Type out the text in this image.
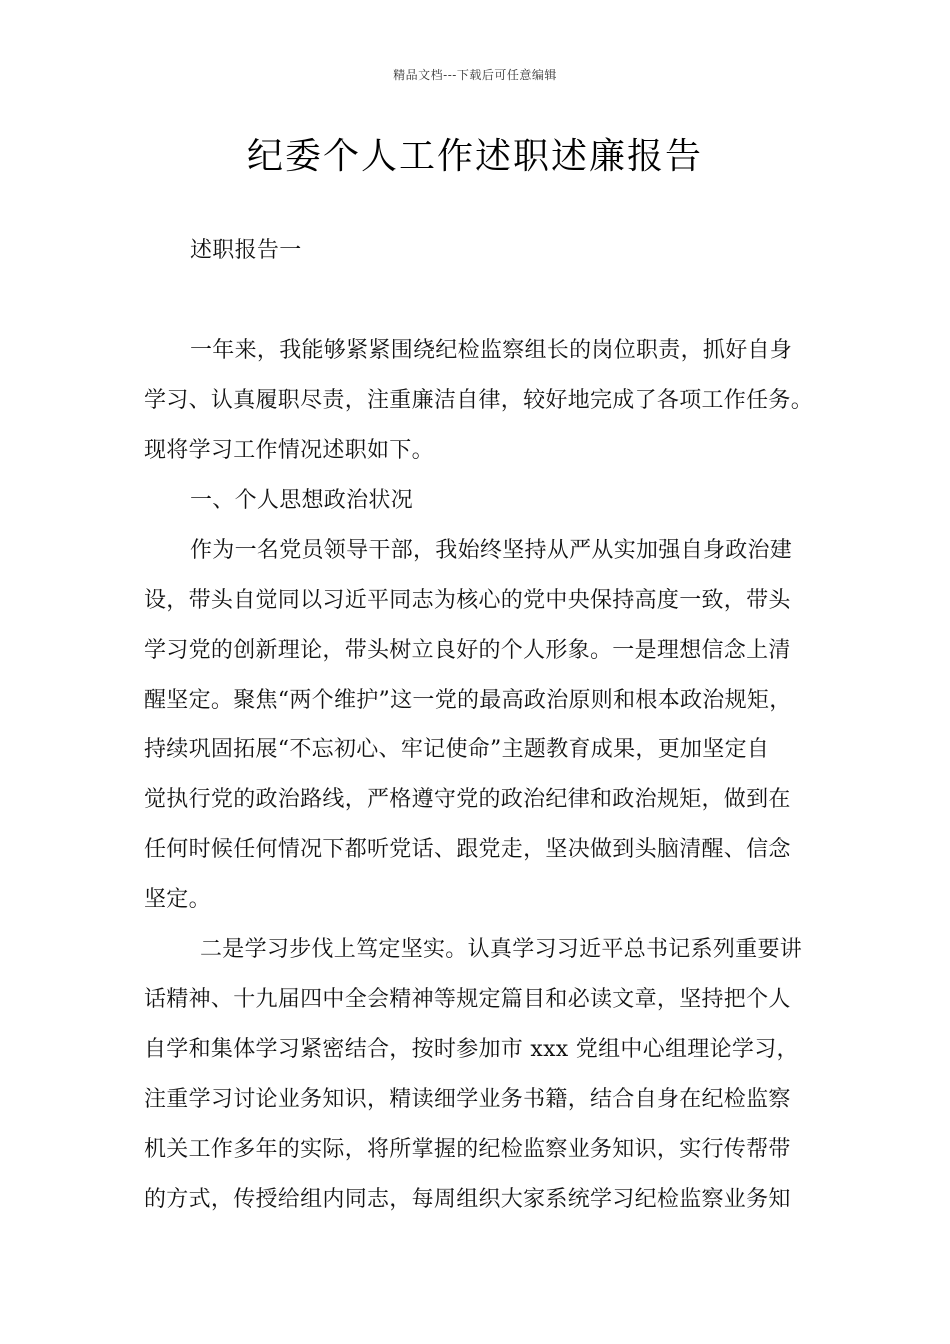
精品文档---下载后可任意编辑
纪委个人工作述职述廉报告
述职报告一
一年来，我能够紧紧围绕纪检监察组长的岗位职责，抓好自身
学习、认真履职尽责，注重廉洁自律，较好地完成了各项工作任务。
现将学习工作情况述职如下。
一、个人思想政治状况
作为一名党员领导干部，我始终坚持从严从实加强自身政治建
设，带头自觉同以习近平同志为核心的党中央保持高度一致，带头
学习党的创新理论，带头树立良好的个人形象。一是理想信念上清
醒坚定。聚焦“两个维护”这一党的最高政治原则和根本政治规矩，
持续巩固拓展“不忘初心、牢记使命”主题教育成果，更加坚定自
觉执行党的政治路线，严格遵守党的政治纪律和政治规矩，做到在
任何时候任何情况下都听党话、跟党走，坚决做到头脑清醒、信念
坚定。
二是学习步伐上笃定坚实。认真学习习近平总书记系列重要讲
话精神、十九届四中全会精神等规定篇目和必读文章，坚持把个人
自学和集体学习紧密结合，按时参加市 xxx 党组中心组理论学习，
注重学习讨论业务知识，精读细学业务书籍，结合自身在纪检监察
机关工作多年的实际，将所掌握的纪检监察业务知识，实行传帮带
的方式，传授给组内同志，每周组织大家系统学习纪检监察业务知
